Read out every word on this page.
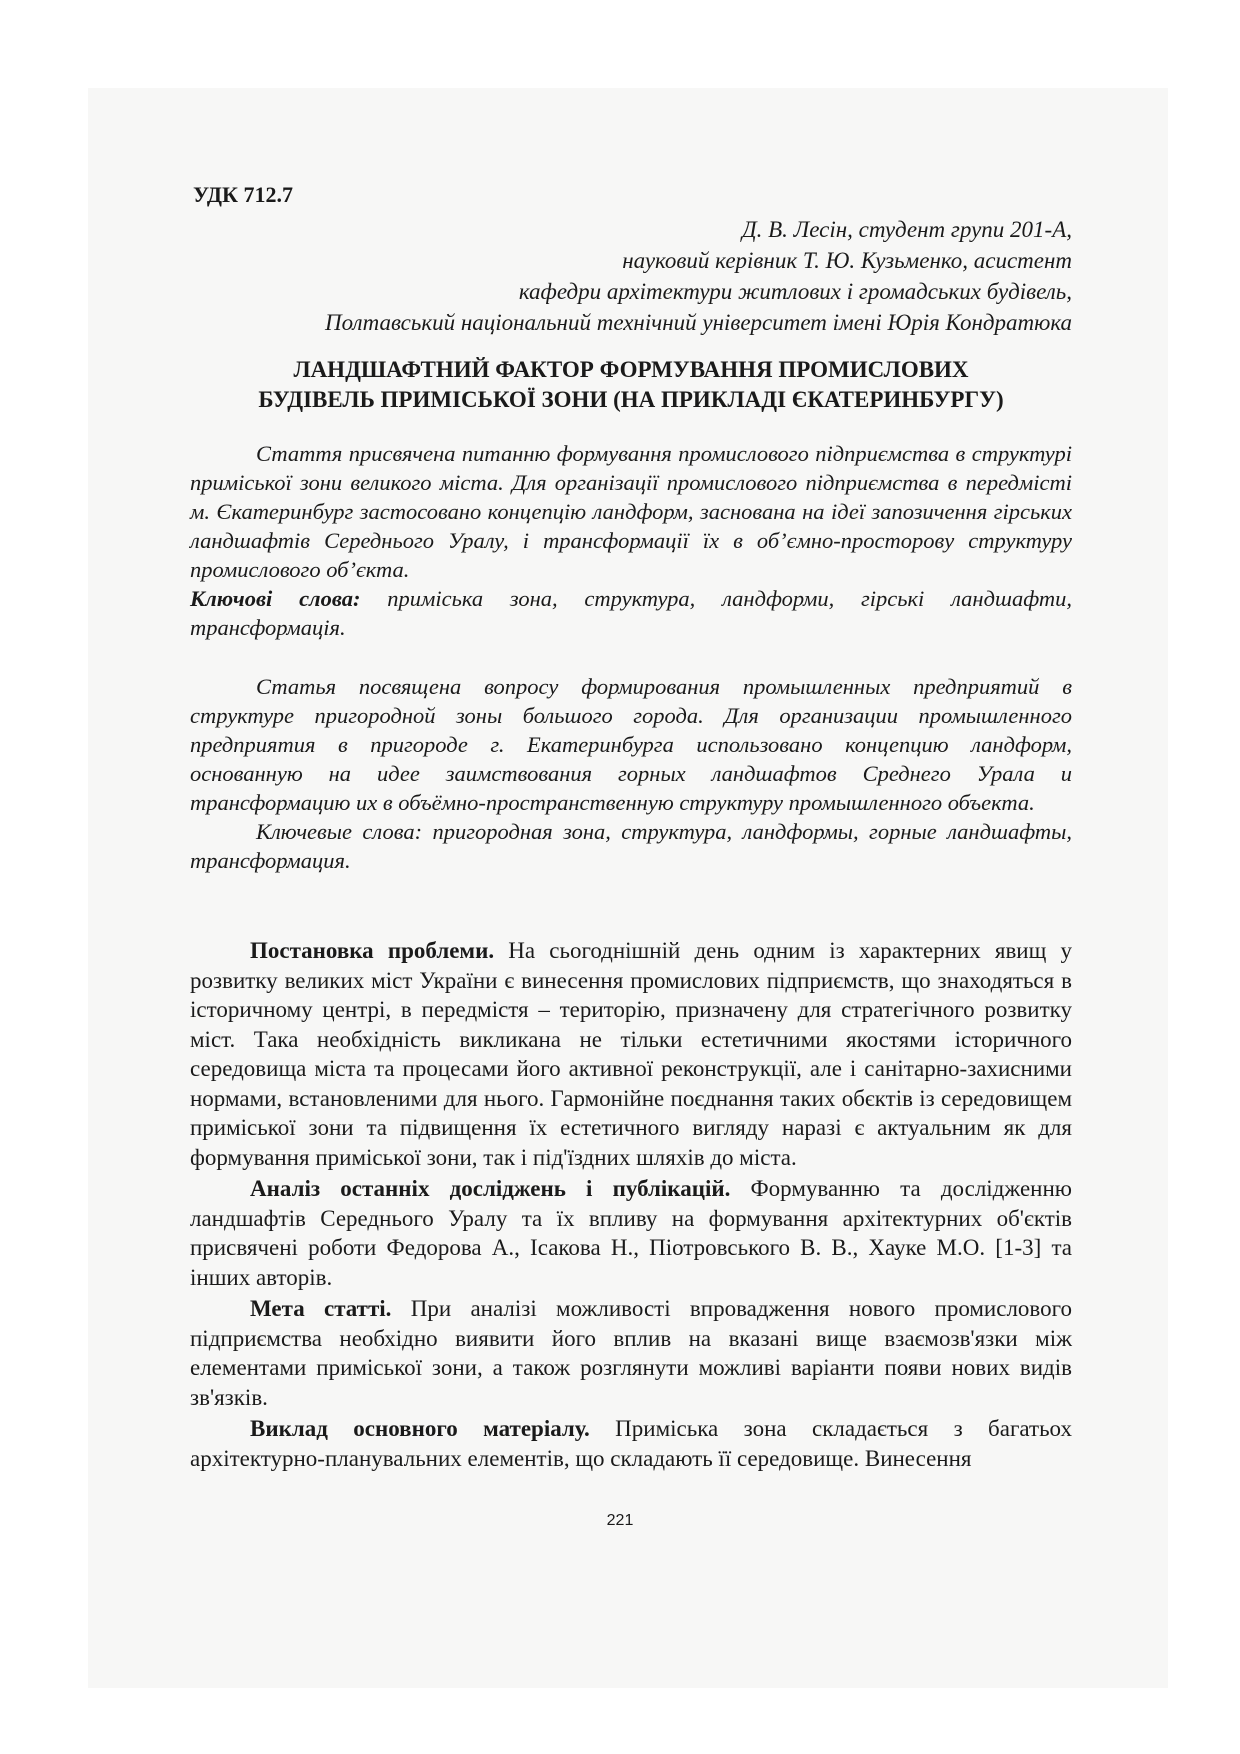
УДК 712.7
Д. В. Лесін, студент групи 201-А,
науковий керівник Т. Ю. Кузьменко, асистент
кафедри архітектури житлових і громадських будівель,
Полтавський національний технічний університет імені Юрія Кондратюка
ЛАНДШАФТНИЙ ФАКТОР ФОРМУВАННЯ ПРОМИСЛОВИХ
БУДІВЕЛЬ ПРИМІСЬКОЇ ЗОНИ (НА ПРИКЛАДІ ЄКАТЕРИНБУРГУ)

Стаття присвячена питанню формування промислового підприємства в структурі приміської зони великого міста. Для організації промислового підприємства в передмісті м. Єкатеринбург застосовано концепцію ландформ, заснована на ідеї запозичення гірських ландшафтів Середнього Уралу, і трансформації їх в об’ємно-просторову структуру промислового об’єкта.

Ключові слова: приміська зона, структура, ландформи, гірські ландшафти, трансформація.

Статья посвящена вопросу формирования промышленных предприятий в структуре пригородной зоны большого города. Для организации промышленного предприятия в пригороде г. Екатеринбурга использовано концепцию ландформ, основанную на идее заимствования горных ландшафтов Среднего Урала и трансформацию их в объёмно-пространственную структуру промышленного объекта.

Ключевые слова: пригородная зона, структура, ландформы, горные ландшафты, трансформация.

Постановка проблеми. На сьогоднішній день одним із характерних явищ у розвитку великих міст України є винесення промислових підприємств, що знаходяться в історичному центрі, в передмістя – територію, призначену для стратегічного розвитку міст. Така необхідність викликана не тільки естетичними якостями історичного середовища міста та процесами його активної реконструкції, але і санітарно-захисними нормами, встановленими для нього. Гармонійне поєднання таких обєктів із середовищем приміської зони та підвищення їх естетичного вигляду наразі є актуальним як для формування приміської зони, так і під'їздних шляхів до міста.

Аналіз останніх досліджень і публікацій. Формуванню та дослідженню ландшафтів Середнього Уралу та їх впливу на формування архітектурних об'єктів присвячені роботи Федорова А., Ісакова Н., Піотровського В. В., Хауке М.О. [1-3] та інших авторів.

Мета статті. При аналізі можливості впровадження нового промислового підприємства необхідно виявити його вплив на вказані вище взаємозв'язки між елементами приміської зони, а також розглянути можливі варіанти появи нових видів зв'язків.

Виклад основного матеріалу. Приміська зона складається з багатьох архітектурно-планувальних елементів, що складають її середовище. Винесення

221
